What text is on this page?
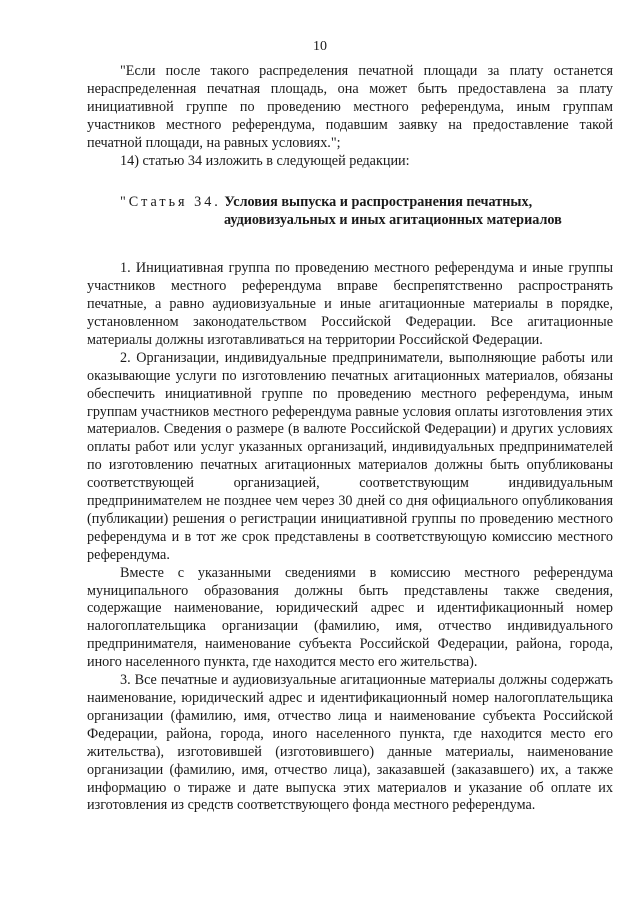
10

"Если после такого распределения печатной площади за плату останется нераспределенная печатная площадь, она может быть предоставлена за плату инициативной группе по проведению местного референдума, иным группам участников местного референдума, подавшим заявку на предоставление такой печатной площади, на равных условиях.";

14) статью 34 изложить в следующей редакции:

"Статья 34. Условия выпуска и распространения печатных,
аудиовизуальных и иных агитационных материалов

1. Инициативная группа по проведению местного референдума и иные группы участников местного референдума вправе беспрепятственно распространять печатные, а равно аудиовизуальные и иные агитационные материалы в порядке, установленном законодательством Российской Федерации. Все агитационные материалы должны изготавливаться на территории Российской Федерации.

2. Организации, индивидуальные предприниматели, выполняющие работы или оказывающие услуги по изготовлению печатных агитационных материалов, обязаны обеспечить инициативной группе по проведению местного референдума, иным группам участников местного референдума равные условия оплаты изготовления этих материалов. Сведения о размере (в валюте Российской Федерации) и других условиях оплаты работ или услуг указанных организаций, индивидуальных предпринимателей по изготовлению печатных агитационных материалов должны быть опубликованы соответствующей организацией, соответствующим индивидуальным предпринимателем не позднее чем через 30 дней со дня официального опубликования (публикации) решения о регистрации инициативной группы по проведению местного референдума и в тот же срок представлены в соответствующую комиссию местного референдума.

Вместе с указанными сведениями в комиссию местного референдума муниципального образования должны быть представлены также сведения, содержащие наименование, юридический адрес и идентификационный номер налогоплательщика организации (фамилию, имя, отчество индивидуального предпринимателя, наименование субъекта Российской Федерации, района, города, иного населенного пункта, где находится место его жительства).

3. Все печатные и аудиовизуальные агитационные материалы должны содержать наименование, юридический адрес и идентификационный номер налогоплательщика организации (фамилию, имя, отчество лица и наименование субъекта Российской Федерации, района, города, иного населенного пункта, где находится место его жительства), изготовившей (изготовившего) данные материалы, наименование организации (фамилию, имя, отчество лица), заказавшей (заказавшего) их, а также информацию о тираже и дате выпуска этих материалов и указание об оплате их изготовления из средств соответствующего фонда местного референдума.
